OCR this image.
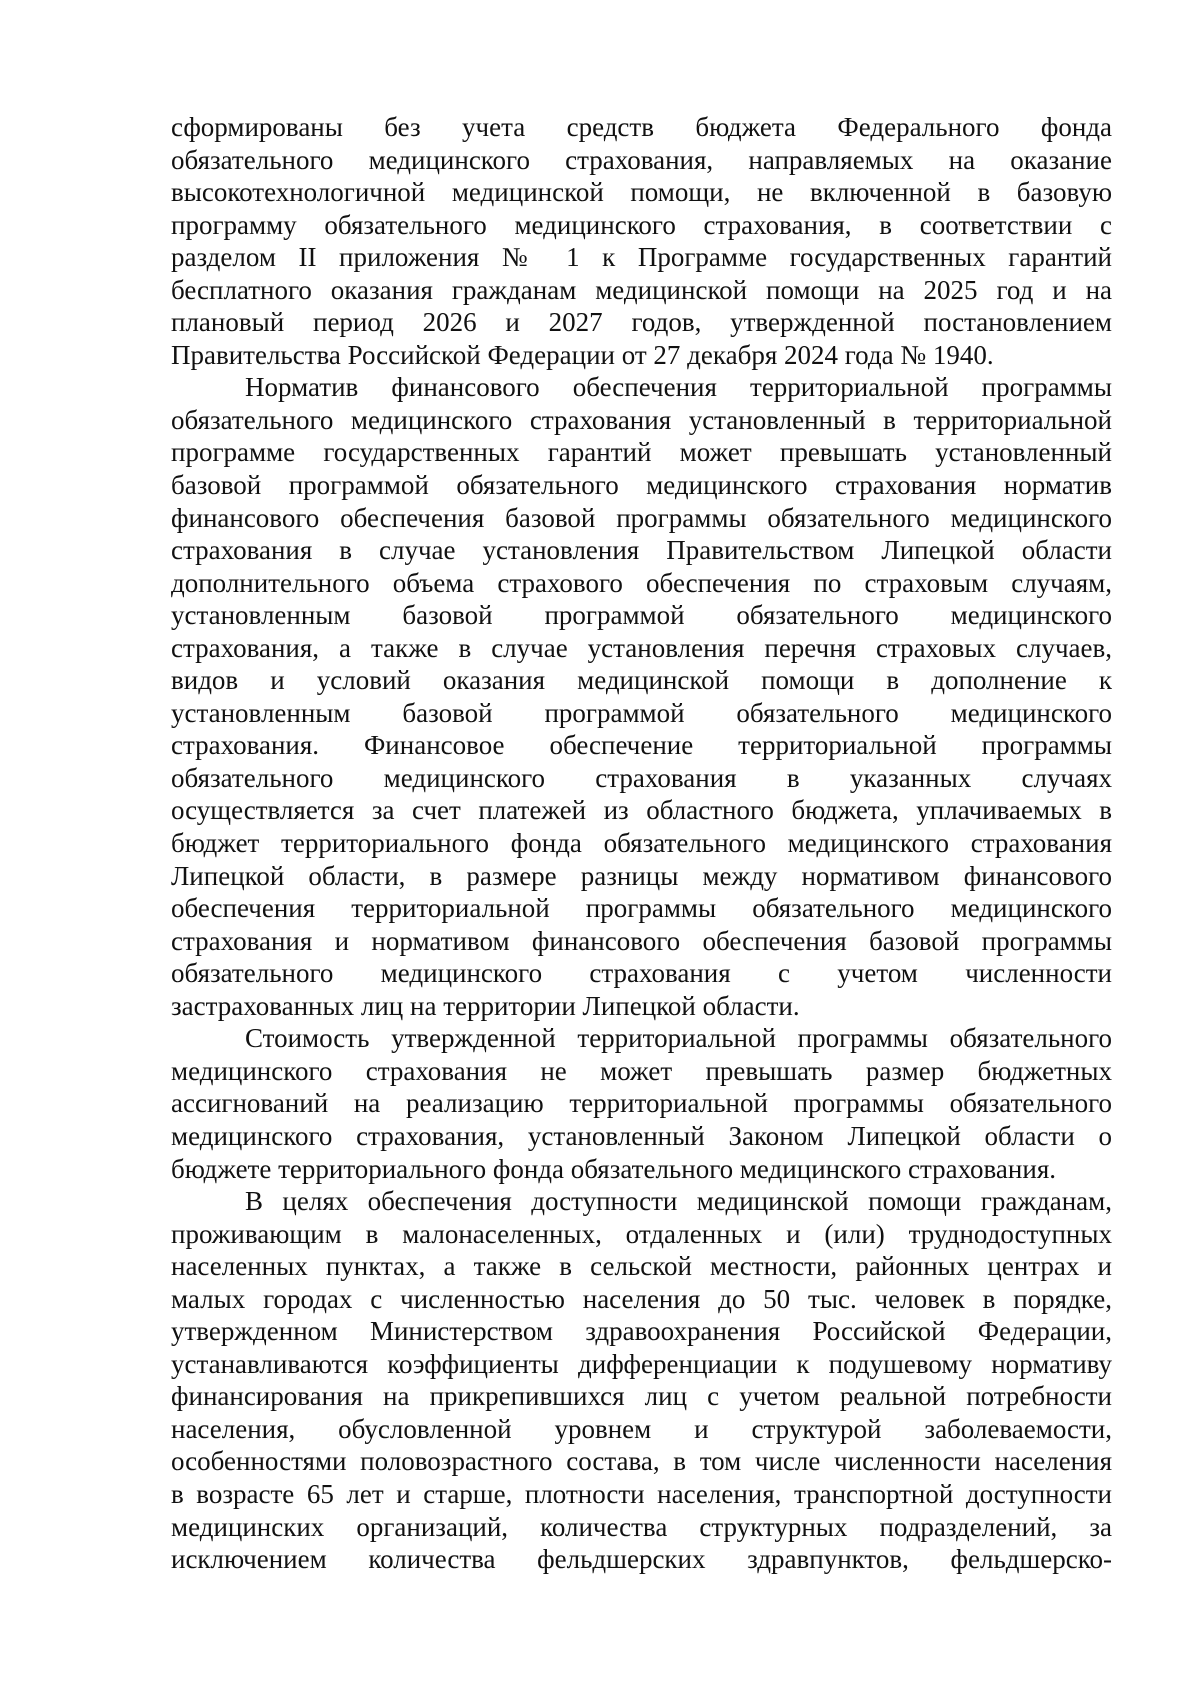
сформированы без учета средств бюджета Федерального фонда
обязательного медицинского страхования, направляемых на оказание
высокотехнологичной медицинской помощи, не включенной в базовую
программу обязательного медицинского страхования, в соответствии с
разделом II приложения № 1 к Программе государственных гарантий
бесплатного оказания гражданам медицинской помощи на 2025 год и на
плановый период 2026 и 2027 годов, утвержденной постановлением
Правительства Российской Федерации от 27 декабря 2024 года № 1940.
Норматив финансового обеспечения территориальной программы
обязательного медицинского страхования установленный в территориальной
программе государственных гарантий может превышать установленный
базовой программой обязательного медицинского страхования норматив
финансового обеспечения базовой программы обязательного медицинского
страхования в случае установления Правительством Липецкой области
дополнительного объема страхового обеспечения по страховым случаям,
установленным базовой программой обязательного медицинского
страхования, а также в случае установления перечня страховых случаев,
видов и условий оказания медицинской помощи в дополнение к
установленным базовой программой обязательного медицинского
страхования. Финансовое обеспечение территориальной программы
обязательного медицинского страхования в указанных случаях
осуществляется за счет платежей из областного бюджета, уплачиваемых в
бюджет территориального фонда обязательного медицинского страхования
Липецкой области, в размере разницы между нормативом финансового
обеспечения территориальной программы обязательного медицинского
страхования и нормативом финансового обеспечения базовой программы
обязательного медицинского страхования с учетом численности
застрахованных лиц на территории Липецкой области.
Стоимость утвержденной территориальной программы обязательного
медицинского страхования не может превышать размер бюджетных
ассигнований на реализацию территориальной программы обязательного
медицинского страхования, установленный Законом Липецкой области о
бюджете территориального фонда обязательного медицинского страхования.
В целях обеспечения доступности медицинской помощи гражданам,
проживающим в малонаселенных, отдаленных и (или) труднодоступных
населенных пунктах, а также в сельской местности, районных центрах и
малых городах с численностью населения до 50 тыс. человек в порядке,
утвержденном Министерством здравоохранения Российской Федерации,
устанавливаются коэффициенты дифференциации к подушевому нормативу
финансирования на прикрепившихся лиц с учетом реальной потребности
населения, обусловленной уровнем и структурой заболеваемости,
особенностями половозрастного состава, в том числе численности населения
в возрасте 65 лет и старше, плотности населения, транспортной доступности
медицинских организаций, количества структурных подразделений, за
исключением количества фельдшерских здравпунктов, фельдшерско-
